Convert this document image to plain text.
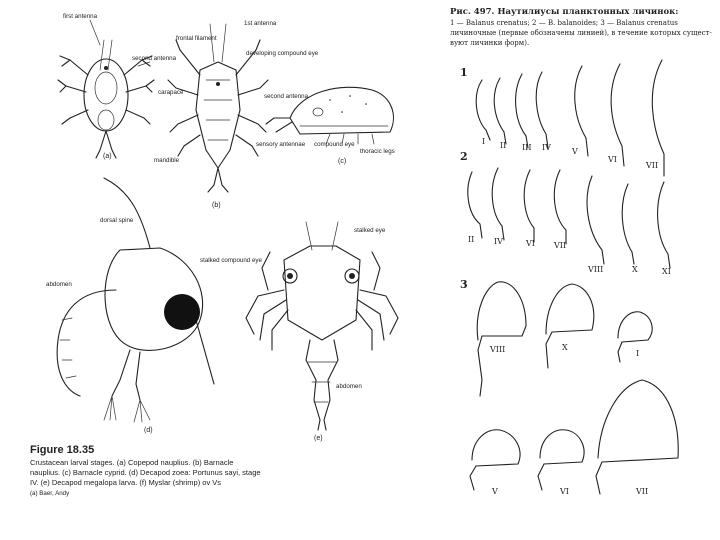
first antenna
second antenna
(a)
frontal filament
1st antenna
developing compound eye
carapace
second antenna
mandible
(b)
sensory antennae compound eye
thoracic legs
(c)
dorsal spine
abdomen
stalked compound eye
(d)
stalked eye
abdomen
(e)
Figure 18.35
Crustacean larval stages. (a) Copepod nauplius. (b) Barnacle
nauplius. (c) Barnacle cyprid. (d) Decapod zoea: Portunus sayi, stage
IV. (e) Decapod megalopa larva. (f) Myslar (shrimp) ov Vs
(a) Baer, Andy
Рис. 497. Наутилиусы планктонных личинок:
1 — Balanus crenatus; 2 — B. balanoides; 3 — Balanus crenatus
личиночные (первые обозначены линией), в течение которых сущест-
вуют личинки форм).
1
I II III IV	V
VI
VII
2
II IV	VI VII
VIII	X	XI
3
VIII	X
I
V	VI	VII
